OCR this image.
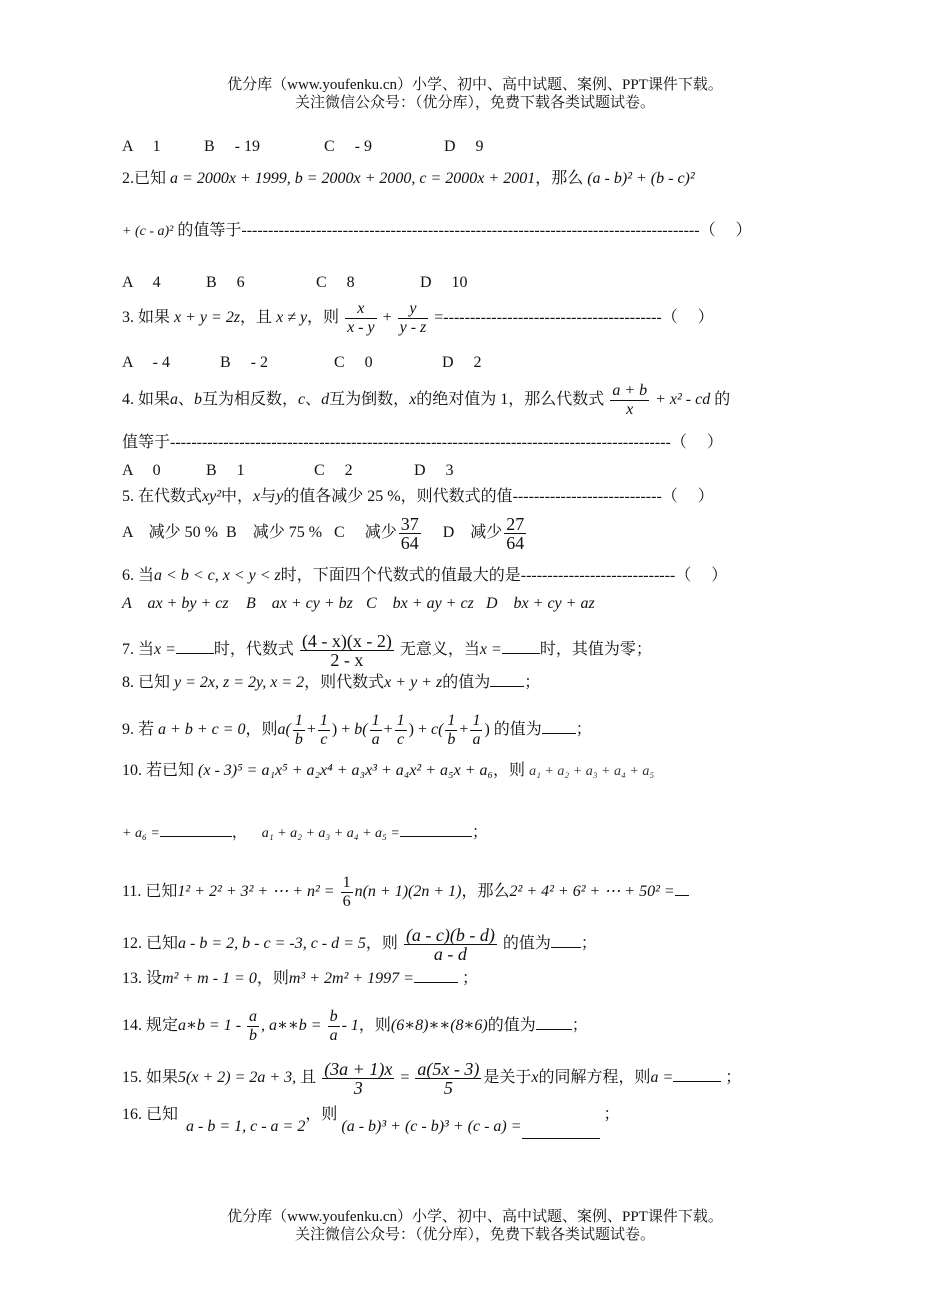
优分库（www.youfenku.cn）小学、初中、高中试题、案例、PPT课件下载。
关注微信公众号：（优分库），免费下载各类试题试卷。
A　 1	B　 - 19	C　 - 9	D　 9
2.已知 a = 2000x + 1999, b = 2000x + 2000, c = 2000x + 2001，那么 (a - b)² + (b - c)²
+ (c - a)² 的值等于--------------------------------------------------------------------------------------（　 ）
A　 4	B　 6	C　 8	D　 10
3. 如果 x + y = 2z，且 x ≠ y，则 $\frac{x}{x - y} + \frac{y}{y - z}$ =-----------------------------------------（　 ）
A　 - 4	B　 - 2	C　 0	D　 2
4. 如果a、b互为相反数，c、d互为倒数，x的绝对值为 1，那么代数式 $\frac{a + b}{x} + x^2$ - cd 的
值等于----------------------------------------------------------------------------------------------（　 ）
A　 0	B　 1	C　 2	D　 3
5. 在代数式xy²中，x与y的值各减少 25 %，则代数式的值----------------------------（　 ）
A　减少 50 % B　减少 75 % C　 减少 $\frac{37}{64}$ D　减少 $\frac{27}{64}$
6. 当a < b < c, x < y < z时，下面四个代数式的值最大的是-----------------------------（　 ）
A　ax + by + cz B　ax + cy + bz C　bx + ay + cz D　bx + cy + az
7. 当x = 时，代数式 $\frac{(4 - x)(x - 2)}{2 - x}$ 无意义，当x = 时，其值为零；
8. 已知 y = 2x, z = 2y, x = 2，则代数式x + y + z的值为 ；
9. 若 a + b + c = 0，则$a( \frac{1}{b} + \frac{1}{c}$ ) + $b( \frac{1}{a} + \frac{1}{c}$ ) + $c( \frac{1}{b} + \frac{1}{a}$ ) 的值为 ；
10. 若已知 (x - 3)⁵ = a₁x⁵ + a₂x⁴ + a₃x³ + a₄x² + a₅x + a₆，则 a₁ + a₂ + a₃ + a₄ + a₅
+ a₆ =	， a₁ + a₂ + a₃ + a₄ + a₅ =	；
11. 已知1² + 2² + 3² + ⋯ + $n^2 = \frac{1}{6} n(n + 1)(2n + 1)$，那么2² + 4² + 6² + ⋯ + 50² =
12. 已知a - b = 2, b - c = -3, c - d = 5，则 $\frac{(a - c)(b - d)}{a - d}$ 的值为 ；
13. 设m² + m - 1 = 0，则m³ + 2m² + 1997 =	；
14. 规定a∗b = $1 - \frac{a}{b}$ , a∗∗b = $\frac{b}{a} - 1$，则(6∗8)∗∗(8∗6)的值为 ；
15. 如果5(x + 2) = 2a + 3, 且 $\frac{(3a + 1)x}{3} = \frac{a(5x - 3)}{5}$ 是关于x的同解方程，则a =	；
16. 已知
a - b = 1, c - a = 2，则 (a - b)³ + (c - b)³ + (c - a) = ；
优分库（www.youfenku.cn）小学、初中、高中试题、案例、PPT课件下载。
关注微信公众号：（优分库），免费下载各类试题试卷。
